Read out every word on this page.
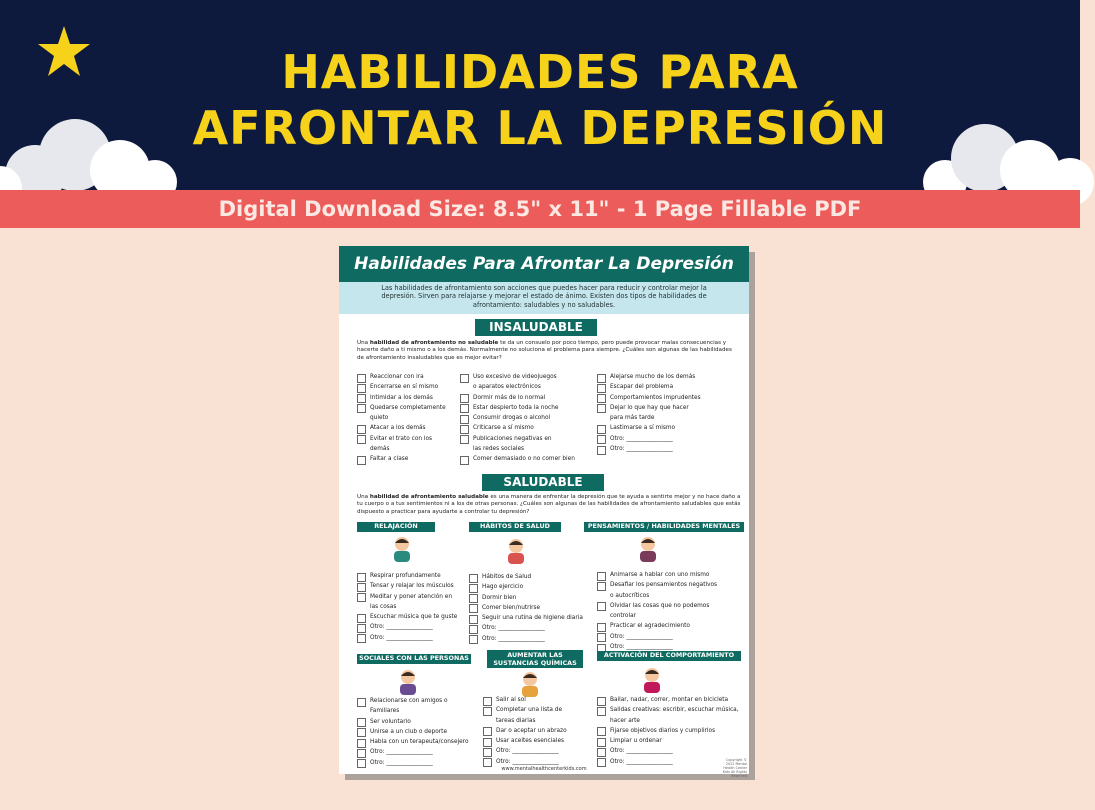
HABILIDADES PARA
AFRONTAR LA DEPRESIÓN
Digital Download Size: 8.5" x 11" - 1 Page Fillable PDF
Habilidades Para Afrontar La Depresión
Las habilidades de afrontamiento son acciones que puedes hacer para reducir y controlar mejor la depresión. Sirven para relajarse y mejorar el estado de ánimo. Existen dos tipos de habilidades de afrontamiento: saludables y no saludables.
INSALUDABLE
Una habilidad de afrontamiento no saludable te da un consuelo por poco tiempo, pero puede provocar malas consecuencias y hacerte daño a ti mismo o a los demás. Normalmente no soluciona el problema para siempre. ¿Cuáles son algunas de las habilidades de afrontamiento insaludables que es mejor evitar?
Reaccionar con ira
Encerrarse en sí mismo
Intimidar a los demás
Quedarse completamente
quieto
Atacar a los demás
Evitar el trato con los
demás
Faltar a clase
Uso excesivo de videojuegos
o aparatos electrónicos
Dormir más de lo normal
Estar despierto toda la noche
Consumir drogas o alcohol
Criticarse a sí mismo
Publicaciones negativas en
las redes sociales
Comer demasiado o no comer bien
Alejarse mucho de los demás
Escapar del problema
Comportamientos imprudentes
Dejar lo que hay que hacer
para más tarde
Lastimarse a sí mismo
Otro: ________________
Otro: ________________
SALUDABLE
Una habilidad de afrontamiento saludable es una manera de enfrentar la depresión que te ayuda a sentirte mejor y no hace daño a tu cuerpo o a tus sentimientos ni a los de otras personas. ¿Cuáles son algunas de las habilidades de afrontamiento saludables que estás dispuesto a practicar para ayudarte a controlar tu depresión?
www.mentalhealthcenterkids.com
Copyright © 2022 Mental Health Center Kids All Rights Reserved
RELAJACIÓN
Respirar profundamente
Tensar y relajar los músculos
Meditar y poner atención en
las cosas
Escuchar música que te guste
Otro: ________________
Otro: ________________
HÁBITOS DE SALUD
Hábitos de Salud
Hago ejercicio
Dormir bien
Comer bien/nutrirse
Seguir una rutina de higiene diaria
Otro: ________________
Otro: ________________
PENSAMIENTOS / HABILIDADES MENTALES
Animarse a hablar con uno mismo
Desafiar los pensamientos negativos
o autocríticos
Olvidar las cosas que no podemos
controlar
Practicar el agradecimiento
Otro: ________________
Otro: ________________
SOCIALES CON LAS PERSONAS
Relacionarse con amigos o
Familiares
Ser voluntario
Unirse a un club o deporte
Habla con un terapeuta/consejero
Otro: ________________
Otro: ________________
AUMENTAR LAS SUSTANCIAS QUÍMICAS
Salir al sol
Completar una lista de
tareas diarias
Dar o aceptar un abrazo
Usar aceites esenciales
Otro: ________________
Otro: ________________
ACTIVACIÓN DEL COMPORTAMIENTO
Bailar, nadar, correr, montar en bicicleta
Salidas creativas: escribir, escuchar música,
hacer arte
Fijarse objetivos diarios y cumplirlos
Limpiar u ordenar
Otro: ________________
Otro: ________________
